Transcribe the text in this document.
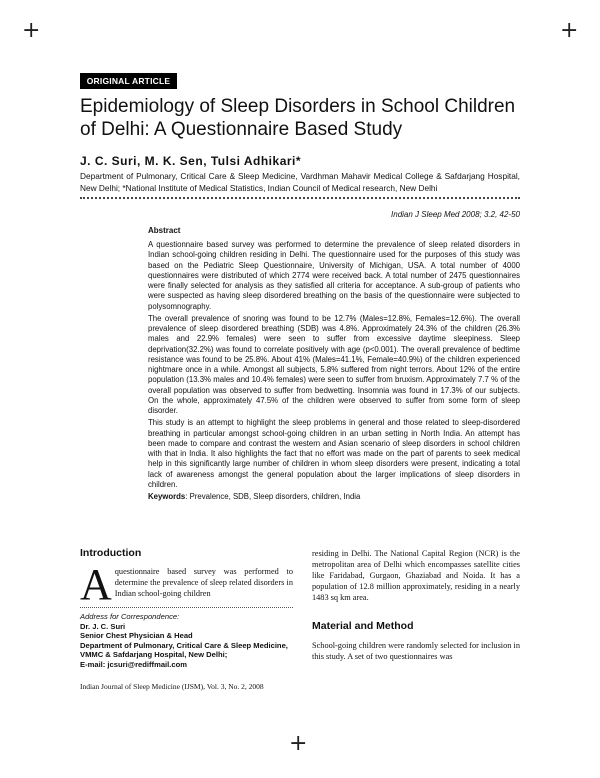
+	+
+
ORIGINAL ARTICLE
Epidemiology of Sleep Disorders in School Children of Delhi: A Questionnaire Based Study
J. C. Suri, M. K. Sen, Tulsi Adhikari*
Department of Pulmonary, Critical Care & Sleep Medicine, Vardhman Mahavir Medical College & Safdarjang Hospital, New Delhi; *National Institute of Medical Statistics, Indian Council of Medical research, New Delhi
Indian J Sleep Med 2008; 3.2, 42-50
Abstract

A questionnaire based survey was performed to determine the prevalence of sleep related disorders in Indian school-going children residing in Delhi. The questionnaire used for the purposes of this study was based on the Pediatric Sleep Questionnaire, University of Michigan, USA. A total number of 4000 questionnaires were distributed of which 2774 were received back. A total number of 2475 questionnaires were finally selected for analysis as they satisfied all criteria for acceptance. A sub-group of patients who were suspected as having sleep disordered breathing on the basis of the questionnaire were subjected to polysomnography.

The overall prevalence of snoring was found to be 12.7% (Males=12.8%, Females=12.6%). The overall prevalence of sleep disordered breathing (SDB) was 4.8%. Approximately 24.3% of the children (26.3% males and 22.9% females) were seen to suffer from excessive daytime sleepiness. Sleep deprivation(32.2%) was found to correlate positively with age (p<0.001). The overall prevalence of bedtime resistance was found to be 25.8%. About 41% (Males=41.1%, Female=40.9%) of the children experienced nightmare once in a while. Amongst all subjects, 5.8% suffered from night terrors. About 12% of the entire population (13.3% males and 10.4% females) were seen to suffer from bruxism. Approximately 7.7 % of the overall population was observed to suffer from bedwetting. Insomnia was found in 17.3% of our subjects. On the whole, approximately 47.5% of the children were observed to suffer from some form of sleep disorder.

This study is an attempt to highlight the sleep problems in general and those related to sleep-disordered breathing in particular amongst school-going children in an urban setting in North India. An attempt has been made to compare and contrast the western and Asian scenario of sleep disorders in school children with that in India. It also highlights the fact that no effort was made on the part of parents to seek medical help in this significantly large number of children in whom sleep disorders were present, indicating a total lack of awareness amongst the general population about the larger implications of sleep disorders in children.

Keywords: Prevalence, SDB, Sleep disorders, children, India

Introduction
Aquestionnaire based survey was performed to determine the prevalence of sleep related disorders in Indian school-going children
Address for Correspondence:
Dr. J. C. Suri
Senior Chest Physician & Head
Department of Pulmonary, Critical Care & Sleep Medicine, VMMC & Safdarjang Hospital, New Delhi;
E-mail: jcsuri@rediffmail.com
Indian Journal of Sleep Medicine (IJSM), Vol. 3, No. 2, 2008
residing in Delhi. The National Capital Region (NCR) is the metropolitan area of Delhi which encompasses satellite cities like Faridabad, Gurgaon, Ghaziabad and Noida. It has a population of 12.8 million approximately, residing in a nearly 1483 sq km area.
Material and Method
School-going children were randomly selected for inclusion in this study. A set of two questionnaires was
